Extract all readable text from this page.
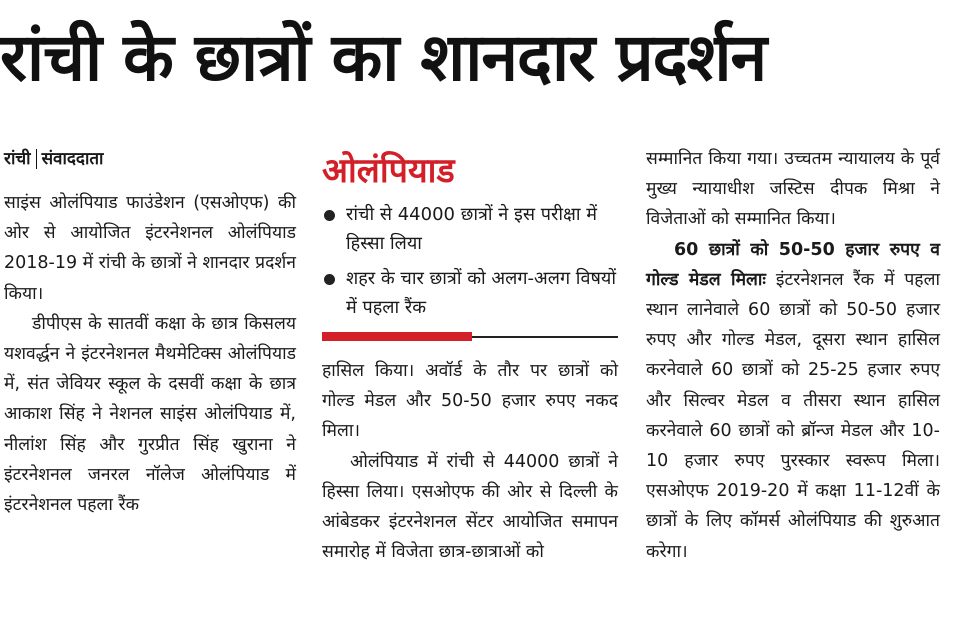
रांची के छात्रों का शानदार प्रदर्शन
रांची संवाददाता

साइंस ओलंपियाड फाउंडेशन (एसओएफ) की ओर से आयोजित इंटरनेशनल ओलंपियाड 2018-19 में रांची के छात्रों ने शानदार प्रदर्शन किया।

डीपीएस के सातवीं कक्षा के छात्र किसलय यशवर्द्धन ने इंटरनेशनल मैथमेटिक्स ओलंपियाड में, संत जेवियर स्कूल के दसवीं कक्षा के छात्र आकाश सिंह ने नेशनल साइंस ओलंपियाड में, नीलांश सिंह और गुरप्रीत सिंह खुराना ने इंटरनेशनल जनरल नॉलेज ओलंपियाड में इंटरनेशनल पहला रैंक

ओलंपियाड
रांची से 44000 छात्रों ने इस परीक्षा में हिस्सा लिया
शहर के चार छात्रों को अलग-अलग विषयों में पहला रैंक

हासिल किया। अवॉर्ड के तौर पर छात्रों को गोल्ड मेडल और 50-50 हजार रुपए नकद मिला।

ओलंपियाड में रांची से 44000 छात्रों ने हिस्सा लिया। एसओएफ की ओर से दिल्ली के आंबेडकर इंटरनेशनल सेंटर आयोजित समापन समारोह में विजेता छात्र-छात्राओं को

सम्मानित किया गया। उच्चतम न्यायालय के पूर्व मुख्य न्यायाधीश जस्टिस दीपक मिश्रा ने विजेताओं को सम्मानित किया।

60 छात्रों को 50-50 हजार रुपए व गोल्ड मेडल मिलाः इंटरनेशनल रैंक में पहला स्थान लानेवाले 60 छात्रों को 50-50 हजार रुपए और गोल्ड मेडल, दूसरा स्थान हासिल करनेवाले 60 छात्रों को 25-25 हजार रुपए और सिल्वर मेडल व तीसरा स्थान हासिल करनेवाले 60 छात्रों को ब्रॉन्ज मेडल और 10-10 हजार रुपए पुरस्कार स्वरूप मिला। एसओएफ 2019-20 में कक्षा 11-12वीं के छात्रों के लिए कॉमर्स ओलंपियाड की शुरुआत करेगा।
